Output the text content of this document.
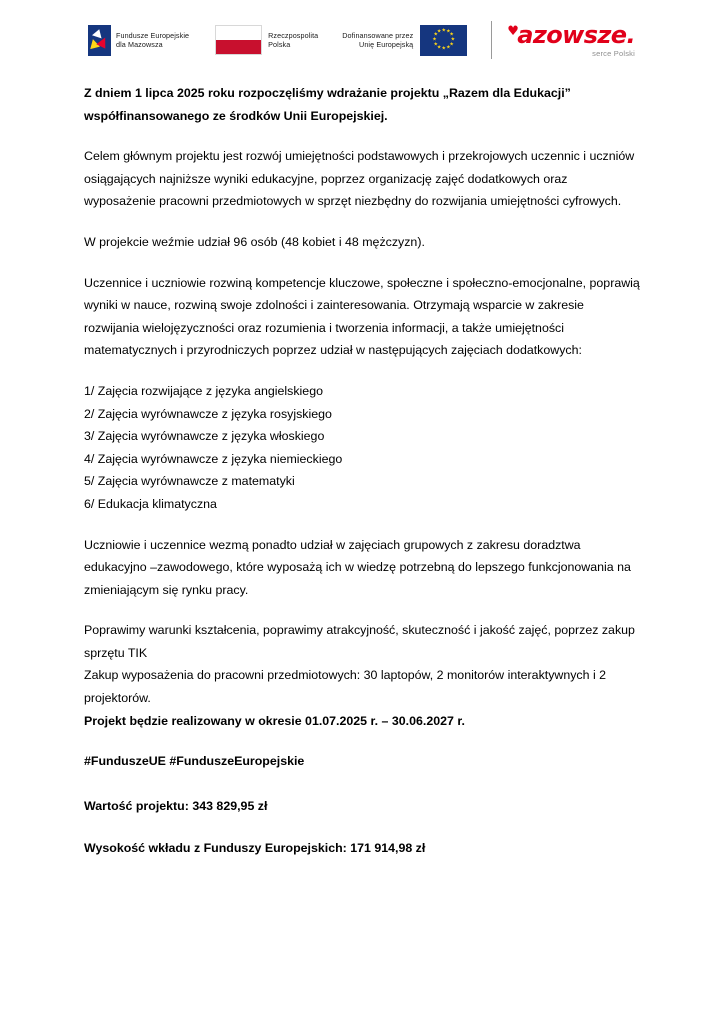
Fundusze Europejskie
dla Mazowsza
Rzeczpospolita
Polska
Dofinansowane przez
Unię Europejską
★ ★
★
★
★
★
★
★
★
★
★
★	♥
azowsze.
serce Polski

Z dniem 1 lipca 2025 roku rozpoczęliśmy wdrażanie projektu „Razem dla Edukacji” współfinansowanego ze środków Unii Europejskiej.

Celem głównym projektu jest rozwój umiejętności podstawowych i przekrojowych uczennic i uczniów osiągających najniższe wyniki edukacyjne, poprzez organizację zajęć dodatkowych oraz wyposażenie pracowni przedmiotowych w sprzęt niezbędny do rozwijania umiejętności cyfrowych.

W projekcie weźmie udział 96 osób (48 kobiet i 48 mężczyzn).

Uczennice i uczniowie rozwiną kompetencje kluczowe, społeczne i społeczno-emocjonalne, poprawią wyniki w nauce, rozwiną swoje zdolności i zainteresowania. Otrzymają wsparcie w zakresie rozwijania wielojęzyczności oraz rozumienia i tworzenia informacji, a także umiejętności matematycznych i przyrodniczych poprzez udział w następujących zajęciach dodatkowych:

1/ Zajęcia rozwijające z języka angielskiego
2/ Zajęcia wyrównawcze z języka rosyjskiego
3/ Zajęcia wyrównawcze z języka włoskiego
4/ Zajęcia wyrównawcze z języka niemieckiego
5/ Zajęcia wyrównawcze z matematyki
6/ Edukacja klimatyczna

Uczniowie i uczennice wezmą ponadto udział w zajęciach grupowych z zakresu doradztwa edukacyjno –zawodowego, które wyposażą ich w wiedzę potrzebną do lepszego funkcjonowania na zmieniającym się rynku pracy.

Poprawimy warunki kształcenia, poprawimy atrakcyjność, skuteczność i jakość zajęć, poprzez zakup sprzętu TIK

Zakup wyposażenia do pracowni przedmiotowych: 30 laptopów, 2 monitorów interaktywnych i 2 projektorów.

Projekt będzie realizowany w okresie 01.07.2025 r. – 30.06.2027 r.

#FunduszeUE #FunduszeEuropejskie

Wartość projektu: 343 829,95 zł

Wysokość wkładu z Funduszy Europejskich: 171 914,98 zł
